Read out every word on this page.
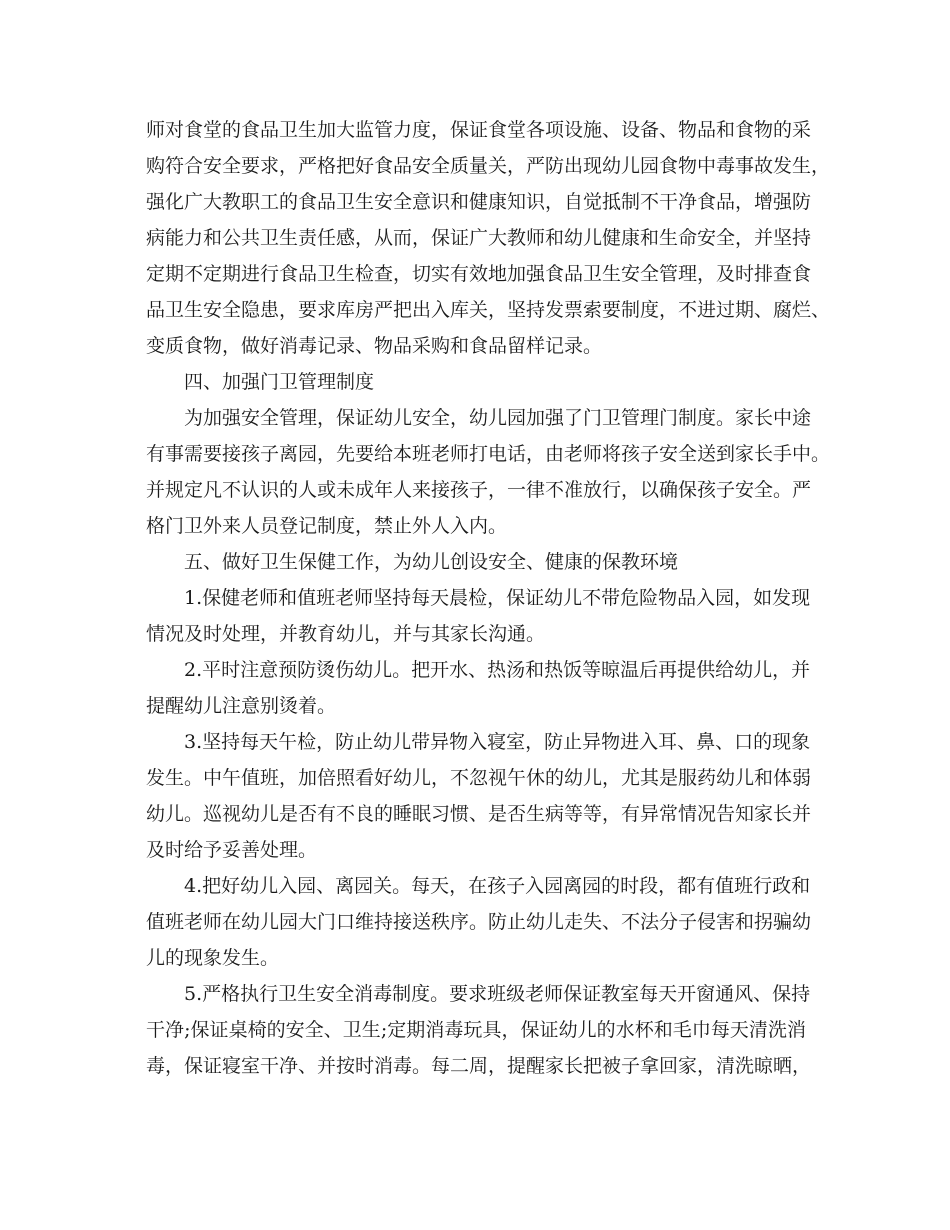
师对食堂的食品卫生加大监管力度，保证食堂各项设施、设备、物品和食物的采
购符合安全要求，严格把好食品安全质量关，严防出现幼儿园食物中毒事故发生，
强化广大教职工的食品卫生安全意识和健康知识，自觉抵制不干净食品，增强防
病能力和公共卫生责任感，从而，保证广大教师和幼儿健康和生命安全，并坚持
定期不定期进行食品卫生检查，切实有效地加强食品卫生安全管理，及时排查食
品卫生安全隐患，要求库房严把出入库关，坚持发票索要制度，不进过期、腐烂、
变质食物，做好消毒记录、物品采购和食品留样记录。
四、加强门卫管理制度
为加强安全管理，保证幼儿安全，幼儿园加强了门卫管理门制度。家长中途
有事需要接孩子离园，先要给本班老师打电话，由老师将孩子安全送到家长手中。
并规定凡不认识的人或未成年人来接孩子，一律不准放行，以确保孩子安全。严
格门卫外来人员登记制度，禁止外人入内。
五、做好卫生保健工作，为幼儿创设安全、健康的保教环境
1.保健老师和值班老师坚持每天晨检，保证幼儿不带危险物品入园，如发现
情况及时处理，并教育幼儿，并与其家长沟通。
2.平时注意预防烫伤幼儿。把开水、热汤和热饭等晾温后再提供给幼儿，并
提醒幼儿注意别烫着。
3.坚持每天午检，防止幼儿带异物入寝室，防止异物进入耳、鼻、口的现象
发生。中午值班，加倍照看好幼儿，不忽视午休的幼儿，尤其是服药幼儿和体弱
幼儿。巡视幼儿是否有不良的睡眠习惯、是否生病等等，有异常情况告知家长并
及时给予妥善处理。
4.把好幼儿入园、离园关。每天，在孩子入园离园的时段，都有值班行政和
值班老师在幼儿园大门口维持接送秩序。防止幼儿走失、不法分子侵害和拐骗幼
儿的现象发生。
5.严格执行卫生安全消毒制度。要求班级老师保证教室每天开窗通风、保持
干净;保证桌椅的安全、卫生;定期消毒玩具，保证幼儿的水杯和毛巾每天清洗消
毒，保证寝室干净、并按时消毒。每二周，提醒家长把被子拿回家，清洗晾晒，
